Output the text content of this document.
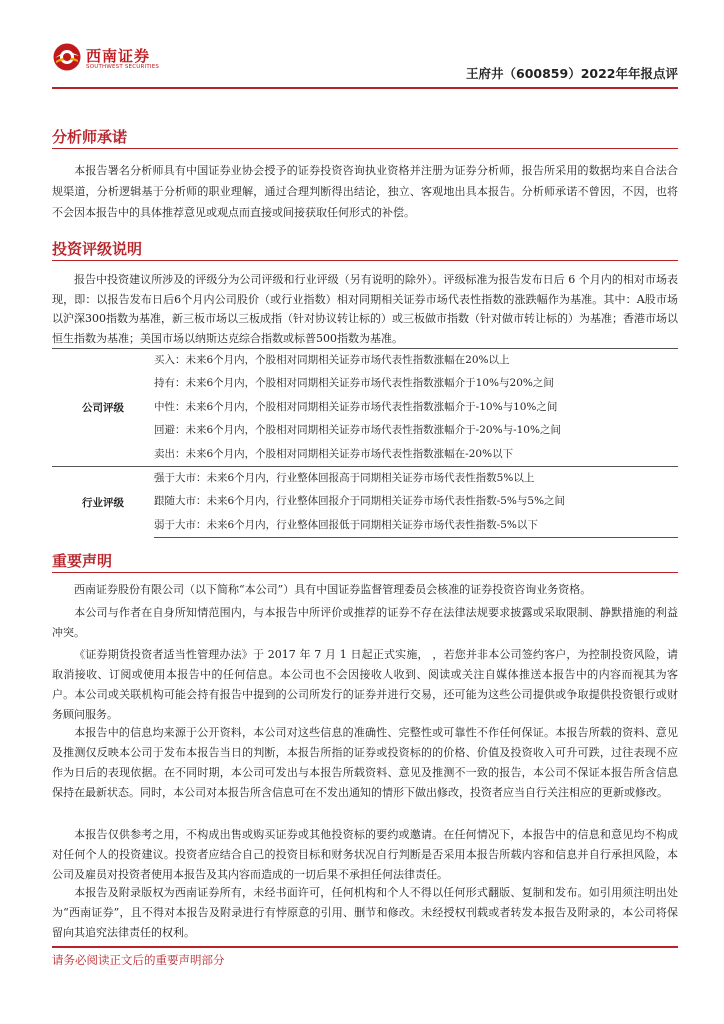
西南证券
SOUTHWEST SECURITIES	王府井（600859）2022年年报点评
分析师承诺
本报告署名分析师具有中国证券业协会授予的证券投资咨询执业资格并注册为证券分析师，报告所采用的数据均来自合法合规渠道，分析逻辑基于分析师的职业理解，通过合理判断得出结论，独立、客观地出具本报告。分析师承诺不曾因，不因，也将不会因本报告中的具体推荐意见或观点而直接或间接获取任何形式的补偿。
投资评级说明
报告中投资建议所涉及的评级分为公司评级和行业评级（另有说明的除外）。评级标准为报告发布日后 6 个月内的相对市场表现，即：以报告发布日后6个月内公司股价（或行业指数）相对同期相关证券市场代表性指数的涨跌幅作为基准。其中：A股市场以沪深300指数为基准，新三板市场以三板成指（针对协议转让标的）或三板做市指数（针对做市转让标的）为基准；香港市场以恒生指数为基准；美国市场以纳斯达克综合指数或标普500指数为基准。
公司评级	买入：未来6个月内，个股相对同期相关证券市场代表性指数涨幅在20%以上
	持有：未来6个月内，个股相对同期相关证券市场代表性指数涨幅介于10%与20%之间
	中性：未来6个月内，个股相对同期相关证券市场代表性指数涨幅介于-10%与10%之间
	回避：未来6个月内，个股相对同期相关证券市场代表性指数涨幅介于-20%与-10%之间
	卖出：未来6个月内，个股相对同期相关证券市场代表性指数涨幅在-20%以下
行业评级	强于大市：未来6个月内，行业整体回报高于同期相关证券市场代表性指数5%以上
	跟随大市：未来6个月内，行业整体回报介于同期相关证券市场代表性指数-5%与5%之间
	弱于大市：未来6个月内，行业整体回报低于同期相关证券市场代表性指数-5%以下
重要声明
西南证券股份有限公司（以下简称“本公司”）具有中国证券监督管理委员会核准的证券投资咨询业务资格。
本公司与作者在自身所知情范围内，与本报告中所评价或推荐的证券不存在法律法规要求披露或采取限制、静默措施的利益冲突。
《证券期货投资者适当性管理办法》于 2017 年 7 月 1 日起正式实施， ，若您并非本公司签约客户，为控制投资风险，请取消接收、订阅或使用本报告中的任何信息。本公司也不会因接收人收到、阅读或关注自媒体推送本报告中的内容而视其为客户。本公司或关联机构可能会持有报告中提到的公司所发行的证券并进行交易，还可能为这些公司提供或争取提供投资银行或财务顾问服务。
本报告中的信息均来源于公开资料，本公司对这些信息的准确性、完整性或可靠性不作任何保证。本报告所载的资料、意见及推测仅反映本公司于发布本报告当日的判断，本报告所指的证券或投资标的的价格、价值及投资收入可升可跌，过往表现不应作为日后的表现依据。在不同时期，本公司可发出与本报告所载资料、意见及推测不一致的报告，本公司不保证本报告所含信息保持在最新状态。同时，本公司对本报告所含信息可在不发出通知的情形下做出修改，投资者应当自行关注相应的更新或修改。
本报告仅供参考之用，不构成出售或购买证券或其他投资标的要约或邀请。在任何情况下，本报告中的信息和意见均不构成对任何个人的投资建议。投资者应结合自己的投资目标和财务状况自行判断是否采用本报告所载内容和信息并自行承担风险，本公司及雇员对投资者使用本报告及其内容而造成的一切后果不承担任何法律责任。
本报告及附录版权为西南证券所有，未经书面许可，任何机构和个人不得以任何形式翻版、复制和发布。如引用须注明出处为“西南证券”，且不得对本报告及附录进行有悖原意的引用、删节和修改。未经授权刊载或者转发本报告及附录的，本公司将保留向其追究法律责任的权利。
请务必阅读正文后的重要声明部分
